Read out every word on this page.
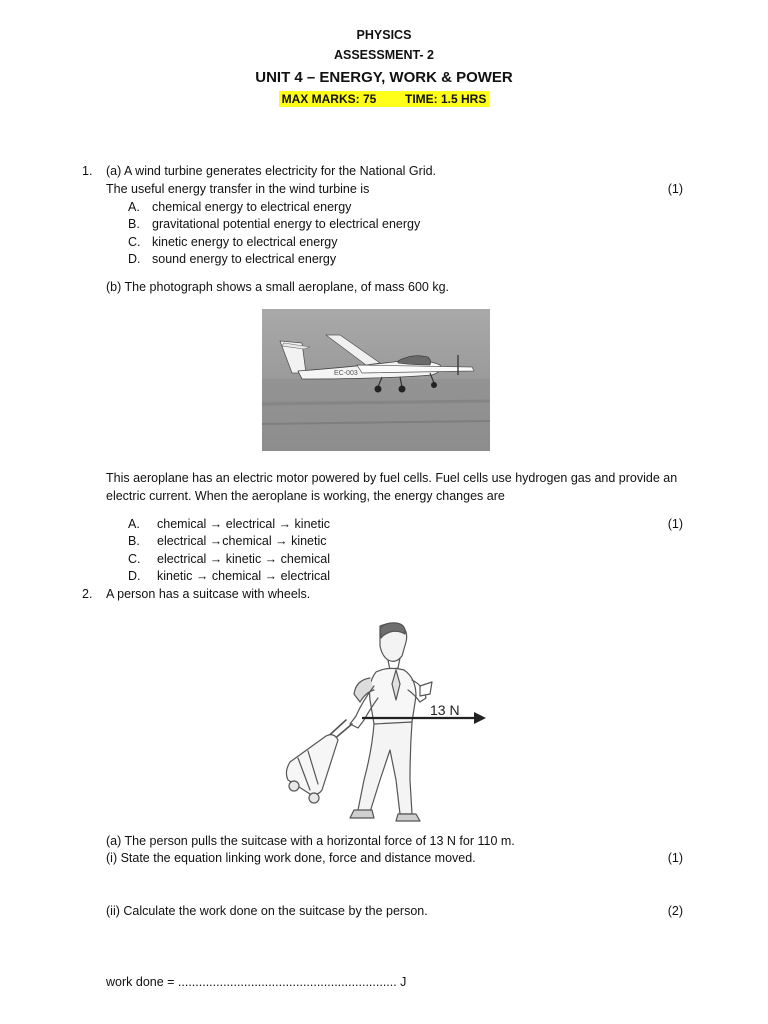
PHYSICS
ASSESSMENT- 2
UNIT 4 – ENERGY, WORK & POWER
MAX MARKS: 75 TIME: 1.5 HRS
1. (a) A wind turbine generates electricity for the National Grid.
The useful energy transfer in the wind turbine is	(1)
A. chemical energy to electrical energy
B. gravitational potential energy to electrical energy
C. kinetic energy to electrical energy
D. sound energy to electrical energy
(b) The photograph shows a small aeroplane, of mass 600 kg.
EC-003
This aeroplane has an electric motor powered by fuel cells. Fuel cells use hydrogen gas and provide an
electric current. When the aeroplane is working, the energy changes are
(1)
A. chemical → electrical → kinetic
B. electrical →chemical → kinetic
C. electrical → kinetic → chemical
D. kinetic → chemical → electrical
2. A person has a suitcase with wheels.
13 N
(a) The person pulls the suitcase with a horizontal force of 13 N for 110 m.
(i) State the equation linking work done, force and distance moved.	(1)
(ii) Calculate the work done on the suitcase by the person.	(2)
work done = ............................................................... J
